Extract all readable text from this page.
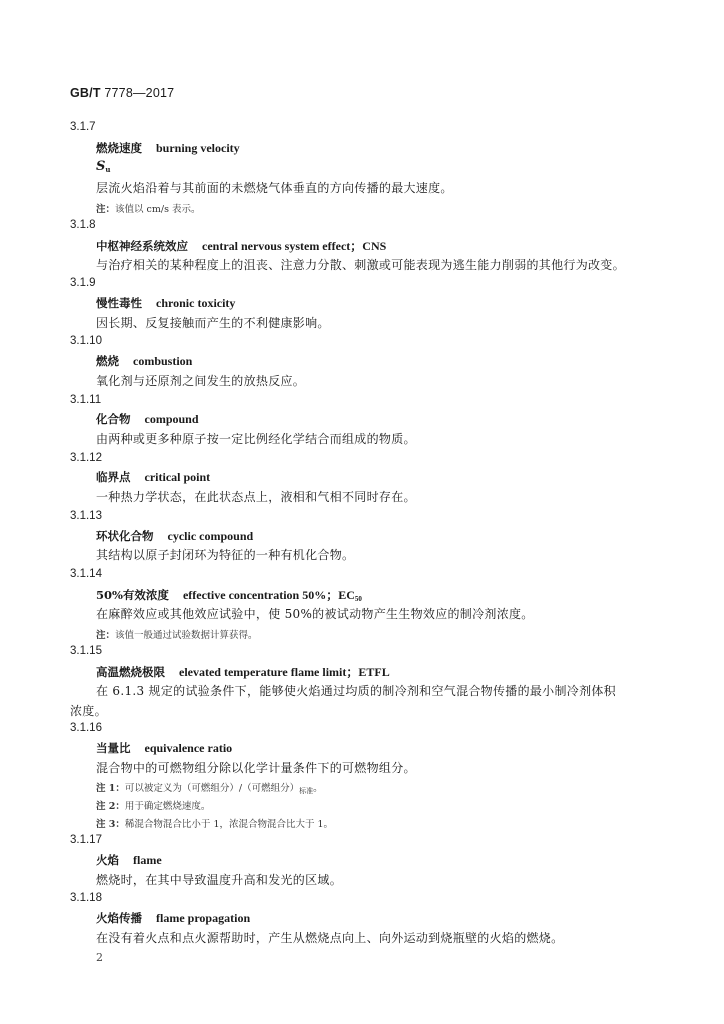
GB/T 7778—2017
3.1.7
燃烧速度 burning velocity
$S_u$
层流火焰沿着与其前面的未燃烧气体垂直的方向传播的最大速度。
注：该值以 cm/s 表示。
3.1.8
中枢神经系统效应 central nervous system effect；CNS
与治疗相关的某种程度上的沮丧、注意力分散、刺激或可能表现为逃生能力削弱的其他行为改变。
3.1.9
慢性毒性 chronic toxicity
因长期、反复接触而产生的不利健康影响。
3.1.10
燃烧 combustion
氧化剂与还原剂之间发生的放热反应。
3.1.11
化合物 compound
由两种或更多种原子按一定比例经化学结合而组成的物质。
3.1.12
临界点 critical point
一种热力学状态，在此状态点上，液相和气相不同时存在。
3.1.13
环状化合物 cyclic compound
其结构以原子封闭环为特征的一种有机化合物。
3.1.14
50%有效浓度 effective concentration 50%；$EC_{50}$
在麻醉效应或其他效应试验中，使 50%的被试动物产生生物效应的制冷剂浓度。
注：该值一般通过试验数据计算获得。
3.1.15
高温燃烧极限 elevated temperature flame limit；ETFL
在 6.1.3 规定的试验条件下，能够使火焰通过均质的制冷剂和空气混合物传播的最小制冷剂体积
浓度。
3.1.16
当量比 equivalence ratio
混合物中的可燃物组分除以化学计量条件下的可燃物组分。
注 1：可以被定义为（可燃组分）/（可燃组分）$_{标准}$。
注 2：用于确定燃烧速度。
注 3：稀混合物混合比小于 1，浓混合物混合比大于 1。
3.1.17
火焰 flame
燃烧时，在其中导致温度升高和发光的区域。
3.1.18
火焰传播 flame propagation
在没有着火点和点火源帮助时，产生从燃烧点向上、向外运动到烧瓶壁的火焰的燃烧。
2
